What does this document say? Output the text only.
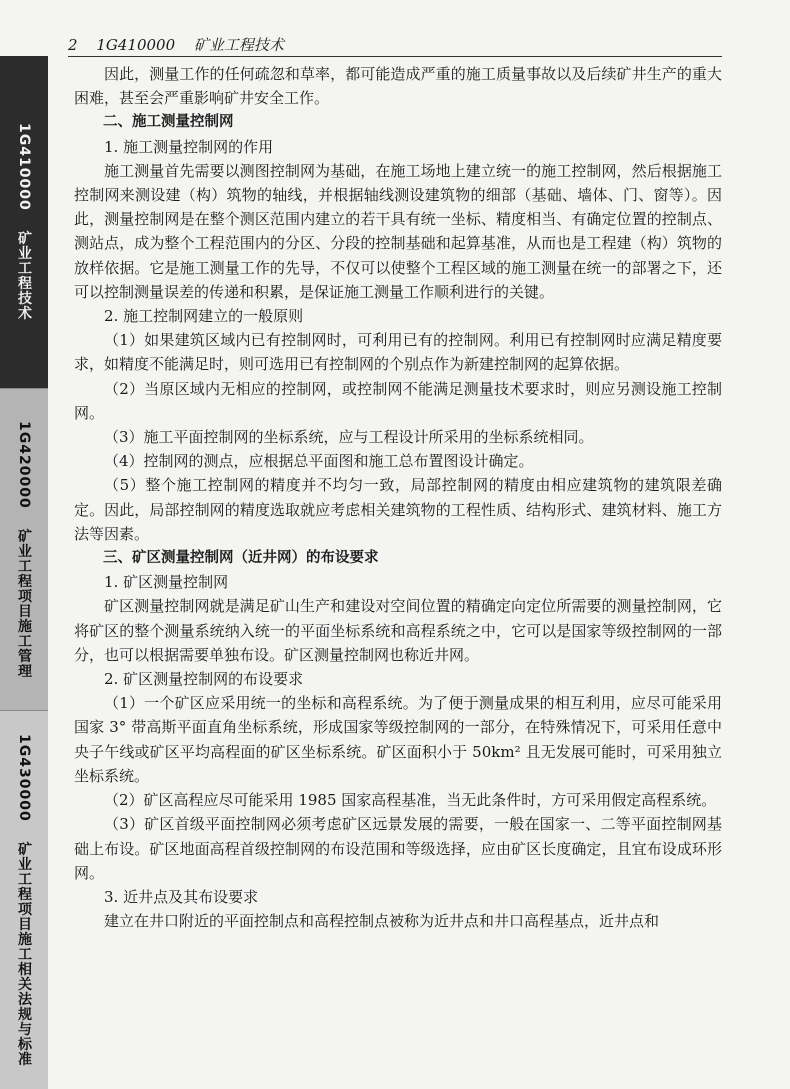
1G410000 矿业工程技术
1G420000 矿业工程项目施工管理
1G430000 矿业工程项目施工相关法规与标准
2 1G410000 矿业工程技术

因此，测量工作的任何疏忽和草率，都可能造成严重的施工质量事故以及后续矿井生产的重大困难，甚至会严重影响矿井安全工作。

二、施工测量控制网

1. 施工测量控制网的作用

施工测量首先需要以测图控制网为基础，在施工场地上建立统一的施工控制网，然后根据施工控制网来测设建（构）筑物的轴线，并根据轴线测设建筑物的细部（基础、墙体、门、窗等）。因此，测量控制网是在整个测区范围内建立的若干具有统一坐标、精度相当、有确定位置的控制点、测站点，成为整个工程范围内的分区、分段的控制基础和起算基准，从而也是工程建（构）筑物的放样依据。它是施工测量工作的先导，不仅可以使整个工程区域的施工测量在统一的部署之下，还可以控制测量误差的传递和积累，是保证施工测量工作顺利进行的关键。

2. 施工控制网建立的一般原则

（1）如果建筑区域内已有控制网时，可利用已有的控制网。利用已有控制网时应满足精度要求，如精度不能满足时，则可选用已有控制网的个别点作为新建控制网的起算依据。

（2）当原区域内无相应的控制网，或控制网不能满足测量技术要求时，则应另测设施工控制网。

（3）施工平面控制网的坐标系统，应与工程设计所采用的坐标系统相同。

（4）控制网的测点，应根据总平面图和施工总布置图设计确定。

（5）整个施工控制网的精度并不均匀一致，局部控制网的精度由相应建筑物的建筑限差确定。因此，局部控制网的精度选取就应考虑相关建筑物的工程性质、结构形式、建筑材料、施工方法等因素。

三、矿区测量控制网（近井网）的布设要求

1. 矿区测量控制网

矿区测量控制网就是满足矿山生产和建设对空间位置的精确定向定位所需要的测量控制网，它将矿区的整个测量系统纳入统一的平面坐标系统和高程系统之中，它可以是国家等级控制网的一部分，也可以根据需要单独布设。矿区测量控制网也称近井网。

2. 矿区测量控制网的布设要求

（1）一个矿区应采用统一的坐标和高程系统。为了便于测量成果的相互利用，应尽可能采用国家 3° 带高斯平面直角坐标系统，形成国家等级控制网的一部分，在特殊情况下，可采用任意中央子午线或矿区平均高程面的矿区坐标系统。矿区面积小于 50km² 且无发展可能时，可采用独立坐标系统。

（2）矿区高程应尽可能采用 1985 国家高程基准，当无此条件时，方可采用假定高程系统。

（3）矿区首级平面控制网必须考虑矿区远景发展的需要，一般在国家一、二等平面控制网基础上布设。矿区地面高程首级控制网的布设范围和等级选择，应由矿区长度确定，且宜布设成环形网。

3. 近井点及其布设要求

建立在井口附近的平面控制点和高程控制点被称为近井点和井口高程基点，近井点和
